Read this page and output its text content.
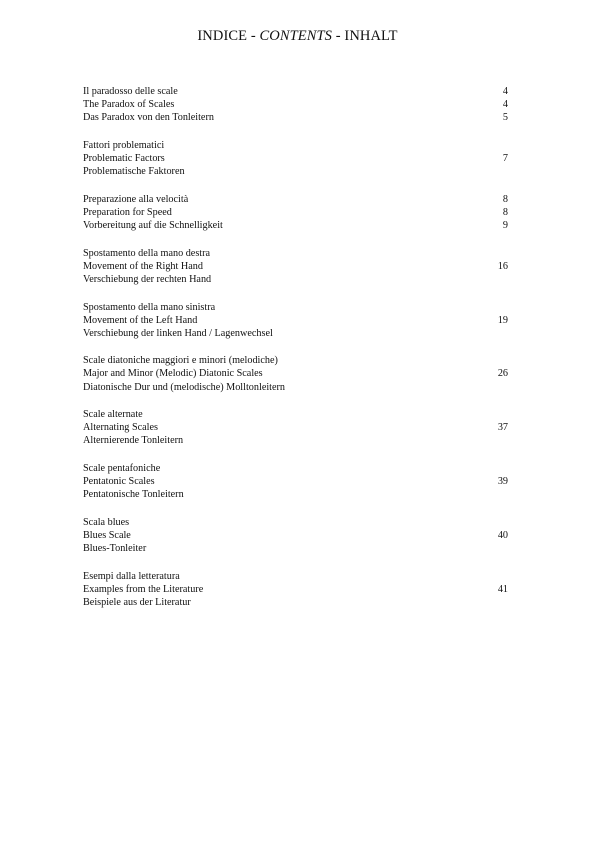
INDICE - CONTENTS - INHALT
Il paradosso delle scale	4
The Paradox of Scales	4
Das Paradox von den Tonleitern	5
Fattori problematici
Problematic Factors	7
Problematische Faktoren
Preparazione alla velocità	8
Preparation for Speed	8
Vorbereitung auf die Schnelligkeit	9
Spostamento della mano destra
Movement of the Right Hand	16
Verschiebung der rechten Hand
Spostamento della mano sinistra
Movement of the Left Hand	19
Verschiebung der linken Hand / Lagenwechsel
Scale diatoniche maggiori e minori (melodiche)
Major and Minor (Melodic) Diatonic Scales	26
Diatonische Dur und (melodische) Molltonleitern
Scale alternate
Alternating Scales	37
Alternierende Tonleitern
Scale pentafoniche
Pentatonic Scales	39
Pentatonische Tonleitern
Scala blues
Blues Scale	40
Blues-Tonleiter
Esempi dalla letteratura
Examples from the Literature	41
Beispiele aus der Literatur
